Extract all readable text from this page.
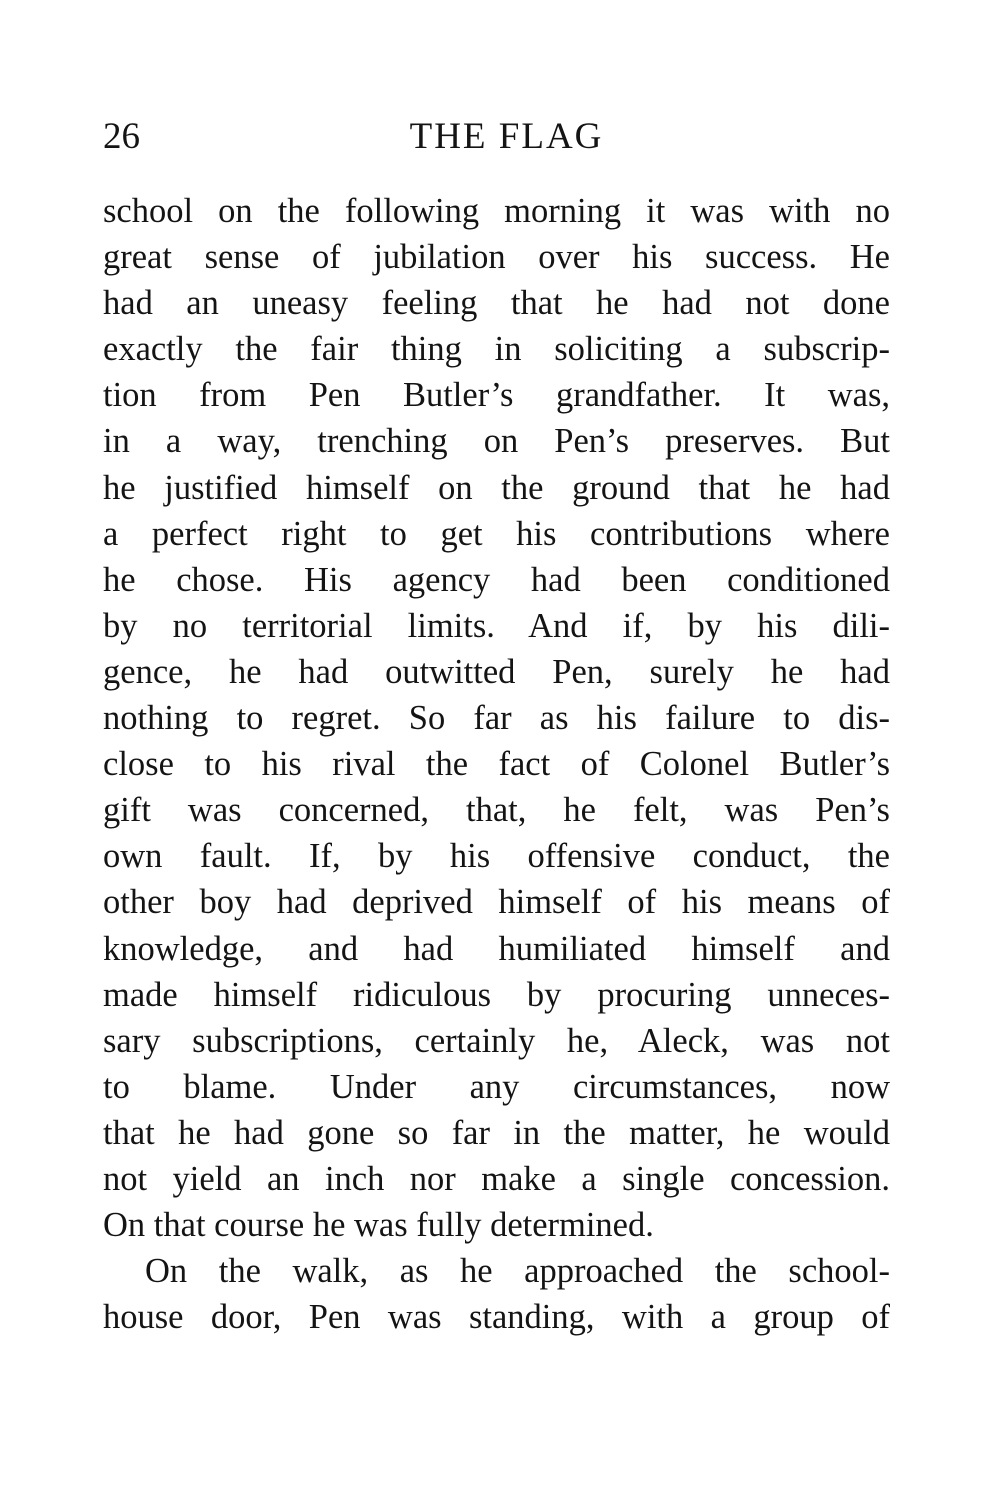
26	THE FLAG
school on the following morning it was with no
great sense of jubilation over his success. He
had an uneasy feeling that he had not done
exactly the fair thing in soliciting a subscrip-
tion from Pen Butler’s grandfather. It was,
in a way, trenching on Pen’s preserves. But
he justified himself on the ground that he had
a perfect right to get his contributions where
he chose. His agency had been conditioned
by no territorial limits. And if, by his dili-
gence, he had outwitted Pen, surely he had
nothing to regret. So far as his failure to dis-
close to his rival the fact of Colonel Butler’s
gift was concerned, that, he felt, was Pen’s
own fault. If, by his offensive conduct, the
other boy had deprived himself of his means of
knowledge, and had humiliated himself and
made himself ridiculous by procuring unneces-
sary subscriptions, certainly he, Aleck, was not
to blame. Under any circumstances, now
that he had gone so far in the matter, he would
not yield an inch nor make a single concession.
On that course he was fully determined.
On the walk, as he approached the school-
house door, Pen was standing, with a group of
